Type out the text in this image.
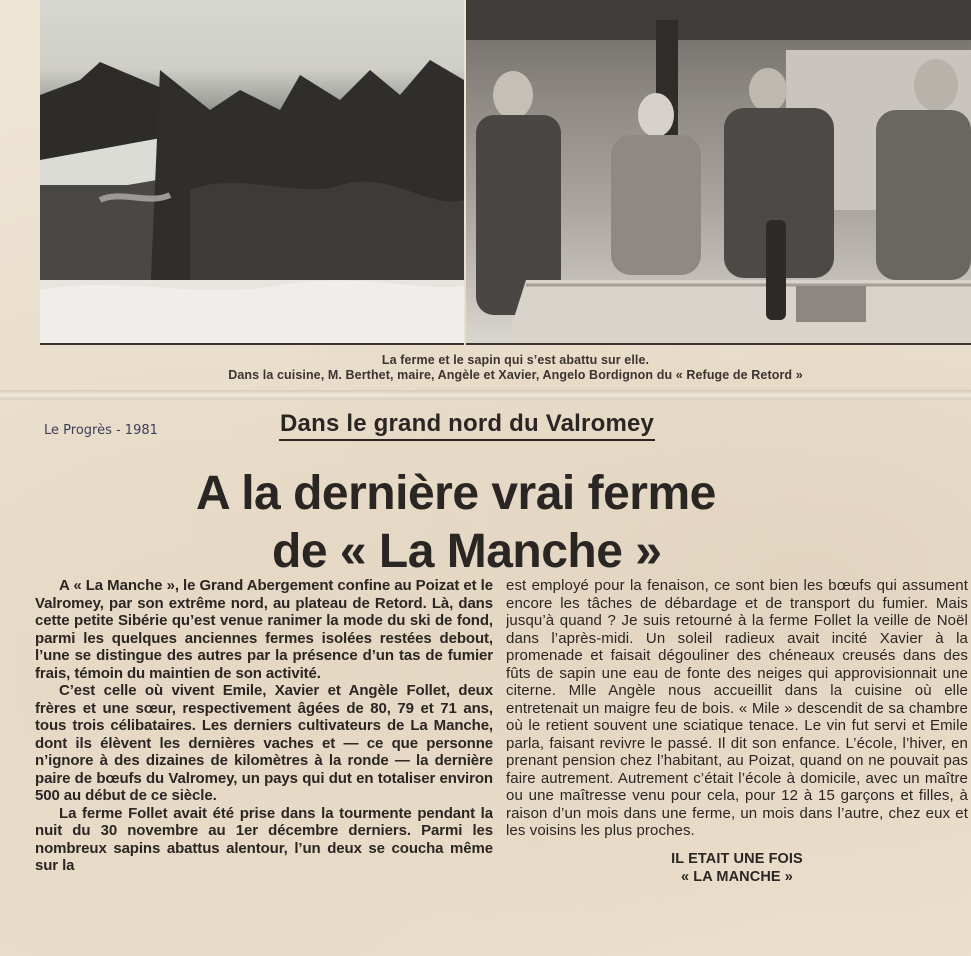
La ferme et le sapin qui s’est abattu sur elle.
Dans la cuisine, M. Berthet, maire, Angèle et Xavier, Angelo Bordignon du « Refuge de Retord »
Le Progrès - 1981	Dans le grand nord du Valromey
A la dernière vrai ferme
de « La Manche »

A « La Manche », le Grand Abergement confine au Poizat et le Valromey, par son extrême nord, au plateau de Retord. Là, dans cette petite Sibérie qu’est venue ranimer la mode du ski de fond, parmi les quelques anciennes fermes isolées restées debout, l’une se distingue des autres par la présence d’un tas de fumier frais, témoin du maintien de son activité.

C’est celle où vivent Emile, Xavier et Angèle Follet, deux frères et une sœur, respectivement âgées de 80, 79 et 71 ans, tous trois célibataires. Les derniers cultivateurs de La Manche, dont ils élèvent les dernières vaches et — ce que personne n’ignore à des dizaines de kilomètres à la ronde — la dernière paire de bœufs du Valromey, un pays qui dut en totaliser environ 500 au début de ce siècle.

La ferme Follet avait été prise dans la tourmente pendant la nuit du 30 novembre au 1er décembre derniers. Parmi les nombreux sapins abattus alentour, l’un deux se coucha même sur la

est employé pour la fenaison, ce sont bien les bœufs qui assument encore les tâches de débardage et de transport du fumier. Mais jusqu’à quand ? Je suis retourné à la ferme Follet la veille de Noël dans l’après-midi. Un soleil radieux avait incité Xavier à la promenade et faisait dégouliner des chéneaux creusés dans des fûts de sapin une eau de fonte des neiges qui approvisionnait une citerne. Mlle Angèle nous accueillit dans la cuisine où elle entretenait un maigre feu de bois. « Mile » descendit de sa chambre où le retient souvent une sciatique tenace. Le vin fut servi et Emile parla, faisant revivre le passé. Il dit son enfance. L’école, l’hiver, en prenant pension chez l’habitant, au Poizat, quand on ne pouvait pas faire autrement. Autrement c’était l’école à domicile, avec un maître ou une maîtresse venu pour cela, pour 12 à 15 garçons et filles, à raison d’un mois dans une ferme, un mois dans l’autre, chez eux et les voisins les plus proches.

IL ETAIT UNE FOIS
« LA MANCHE »
